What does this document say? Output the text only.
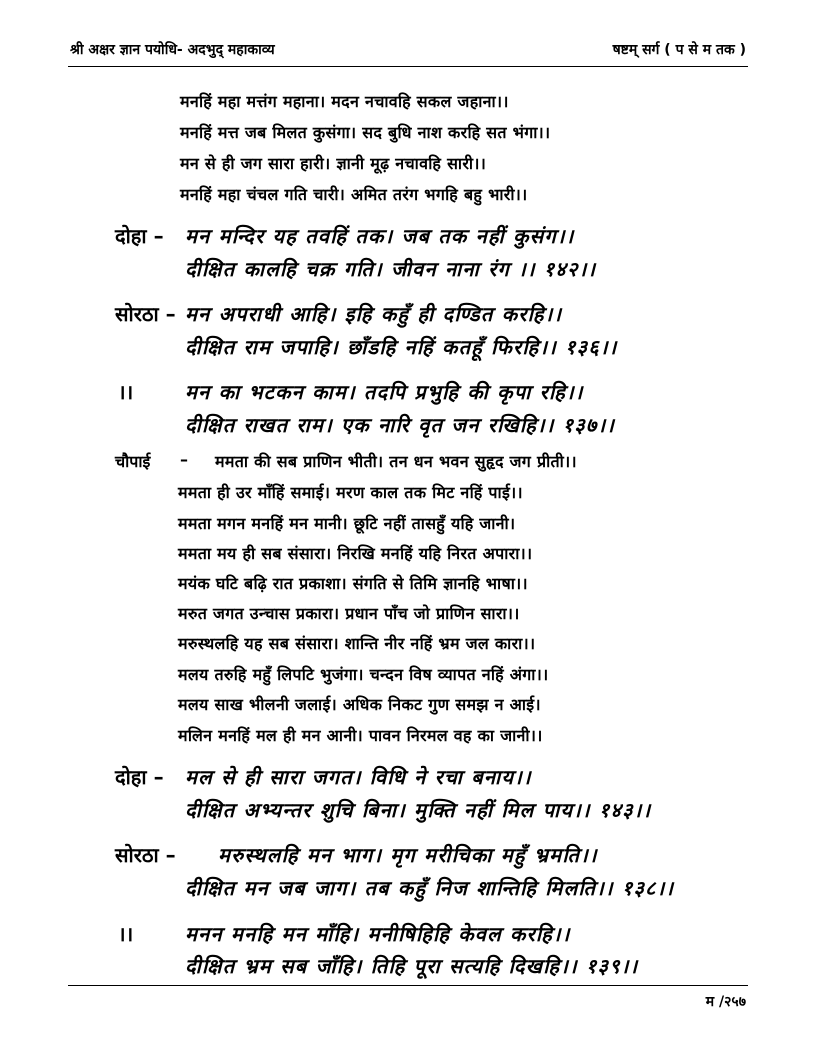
श्री अक्षर ज्ञान पयोधि- अदभुद् महाकाव्य	षष्टम् सर्ग ( प से म तक )
मनहिं महा मत्तंग महाना। मदन नचावहि सकल जहाना।।
मनहिं मत्त जब मिलत कुसंगा। सद बुधि नाश करहि सत भंगा।।
मन से ही जग सारा हारी। ज्ञानी मूढ़ नचावहि सारी।।
मनहिं महा चंचल गति चारी। अमित तरंग भगहि बहु भारी।।
दोहा – मन मन्दिर यह तवहिं तक। जब तक नहीं कुसंग।।
दीक्षित कालहि चक्र गति। जीवन नाना रंग ।। १४२।।
सोरठा – मन अपराधी आहि। इहि कहुँ ही दण्डित करहि।।
दीक्षित राम जपाहि। छाँडहि नहिं कतहूँ फिरहि।। १३६।।
।।	मन का भटकन काम। तदपि प्रभुहि की कृपा रहि।।
दीक्षित राखत राम। एक नारि वृत जन रखिहि।। १३७।।
चौपाई – ममता की सब प्राणिन भीती। तन धन भवन सुहृद जग प्रीती।।
ममता ही उर माँहिं समाई। मरण काल तक मिट नहिं पाई।।
ममता मगन मनहिं मन मानी। छूटि नहीं तासहुँ यहि जानी।
ममता मय ही सब संसारा। निरखि मनहिं यहि निरत अपारा।।
मयंक घटि बढ़ि रात प्रकाशा। संगति से तिमि ज्ञानहि भाषा।।
मरुत जगत उन्चास प्रकारा। प्रधान पाँच जो प्राणिन सारा।।
मरुस्थलहि यह सब संसारा। शान्ति नीर नहिं भ्रम जल कारा।।
मलय तरुहि महुँ लिपटि भुजंगा। चन्दन विष व्यापत नहिं अंगा।।
मलय साख भीलनी जलाई। अधिक निकट गुण समझ न आई।
मलिन मनहिं मल ही मन आनी। पावन निरमल वह का जानी।।
दोहा – मल से ही सारा जगत। विधि ने रचा बनाय।।
दीक्षित अभ्यन्तर शुचि बिना। मुक्ति नहीं मिल पाय।। १४३।।
सोरठा – मरुस्थलहि मन भाग। मृग मरीचिका महुँ भ्रमति।।
दीक्षित मन जब जाग। तब कहुँ निज शान्तिहि मिलति।। १३८।।
।।	मनन मनहि मन माँहि। मनीषिहिहि केवल करहि।।
दीक्षित भ्रम सब जाँहि। तिहि पूरा सत्यहि दिखहि।। १३९।।
म /२५७
